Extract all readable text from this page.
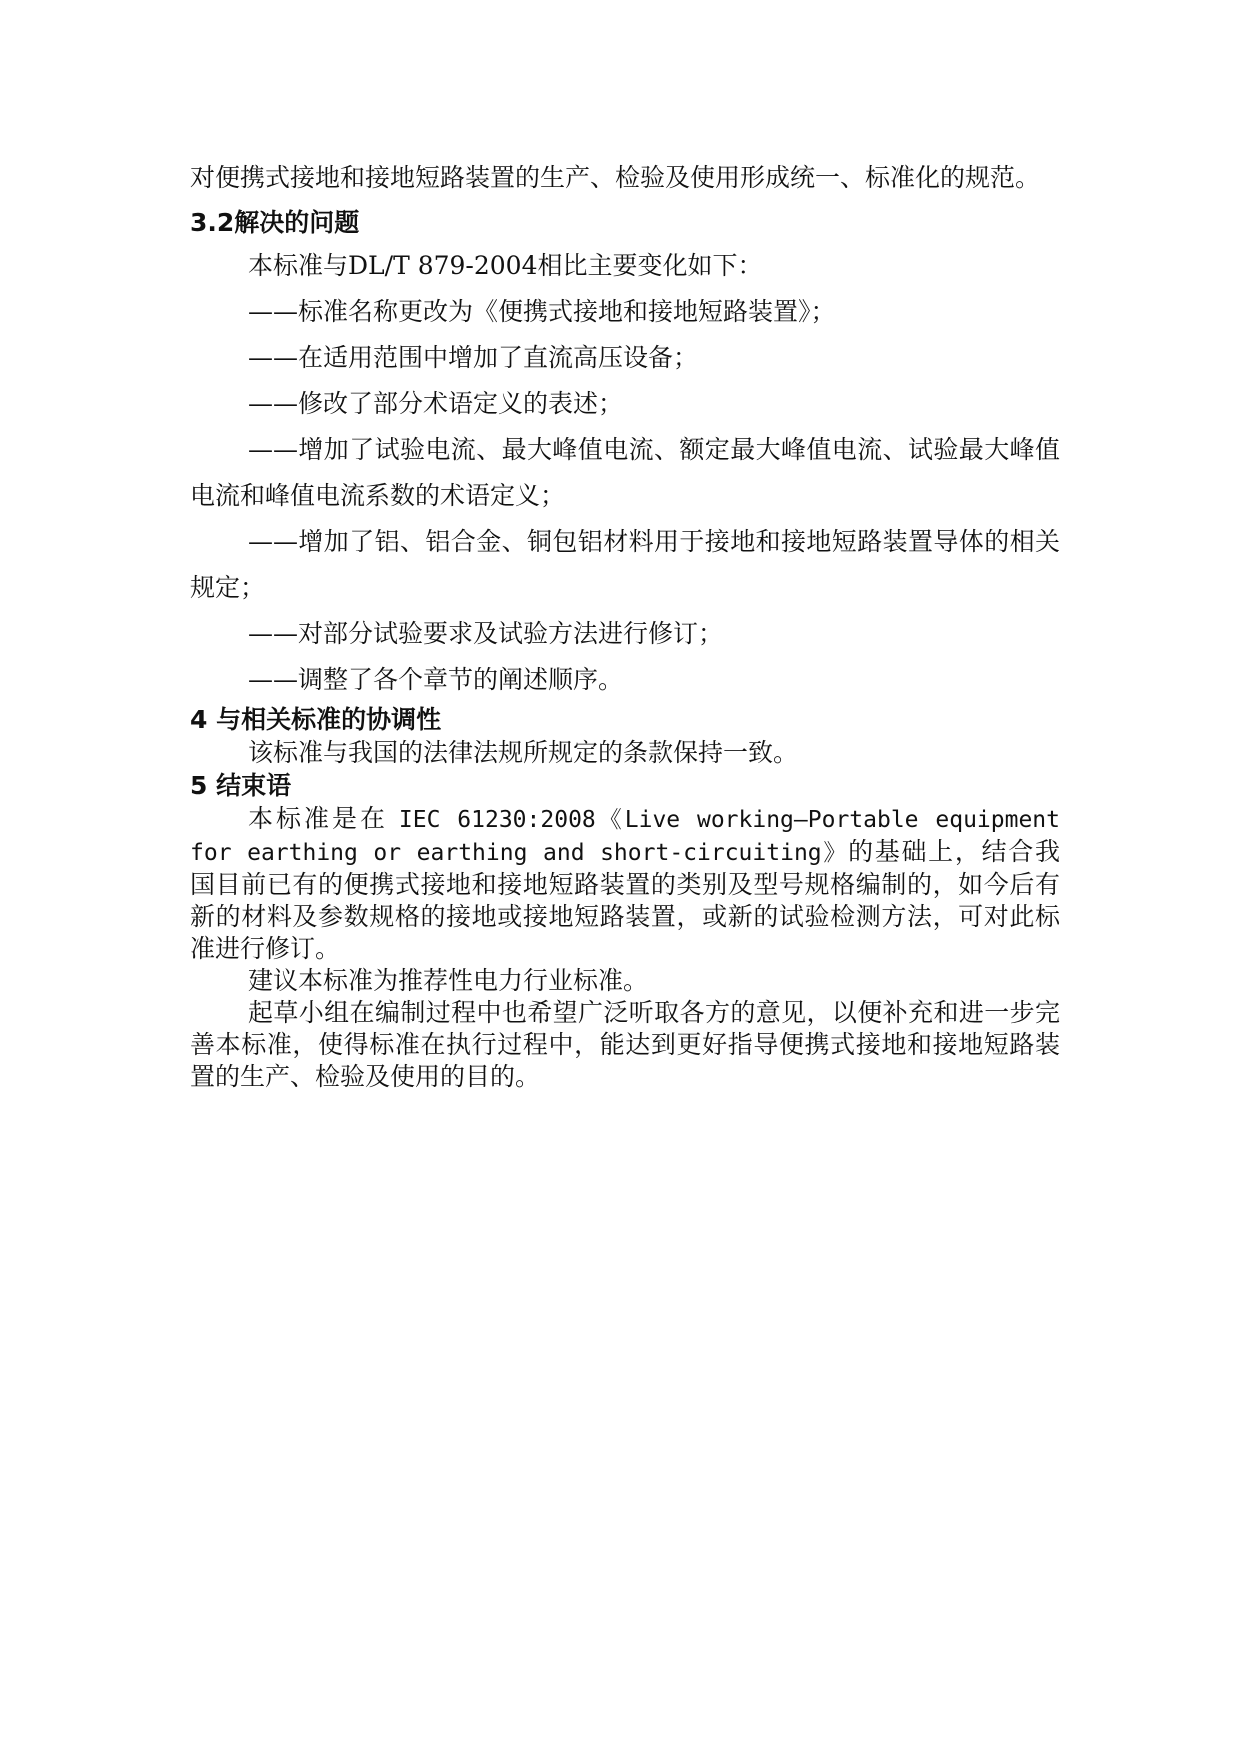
对便携式接地和接地短路装置的生产、检验及使用形成统一、标准化的规范。

3.2解决的问题

本标准与DL/T 879-2004相比主要变化如下：

——标准名称更改为《便携式接地和接地短路装置》；

——在适用范围中增加了直流高压设备；

——修改了部分术语定义的表述；

——增加了试验电流、最大峰值电流、额定最大峰值电流、试验最大峰值电流和峰值电流系数的术语定义；

——增加了铝、铝合金、铜包铝材料用于接地和接地短路装置导体的相关规定；

——对部分试验要求及试验方法进行修订；

——调整了各个章节的阐述顺序。

4 与相关标准的协调性

该标准与我国的法律法规所规定的条款保持一致。

5 结束语

本标准是在 IEC 61230:2008《Live working—Portable equipment for earthing or earthing and short-circuiting》的基础上，结合我国目前已有的便携式接地和接地短路装置的类别及型号规格编制的，如今后有新的材料及参数规格的接地或接地短路装置，或新的试验检测方法，可对此标准进行修订。

建议本标准为推荐性电力行业标准。

起草小组在编制过程中也希望广泛听取各方的意见，以便补充和进一步完善本标准，使得标准在执行过程中，能达到更好指导便携式接地和接地短路装置的生产、检验及使用的目的。
